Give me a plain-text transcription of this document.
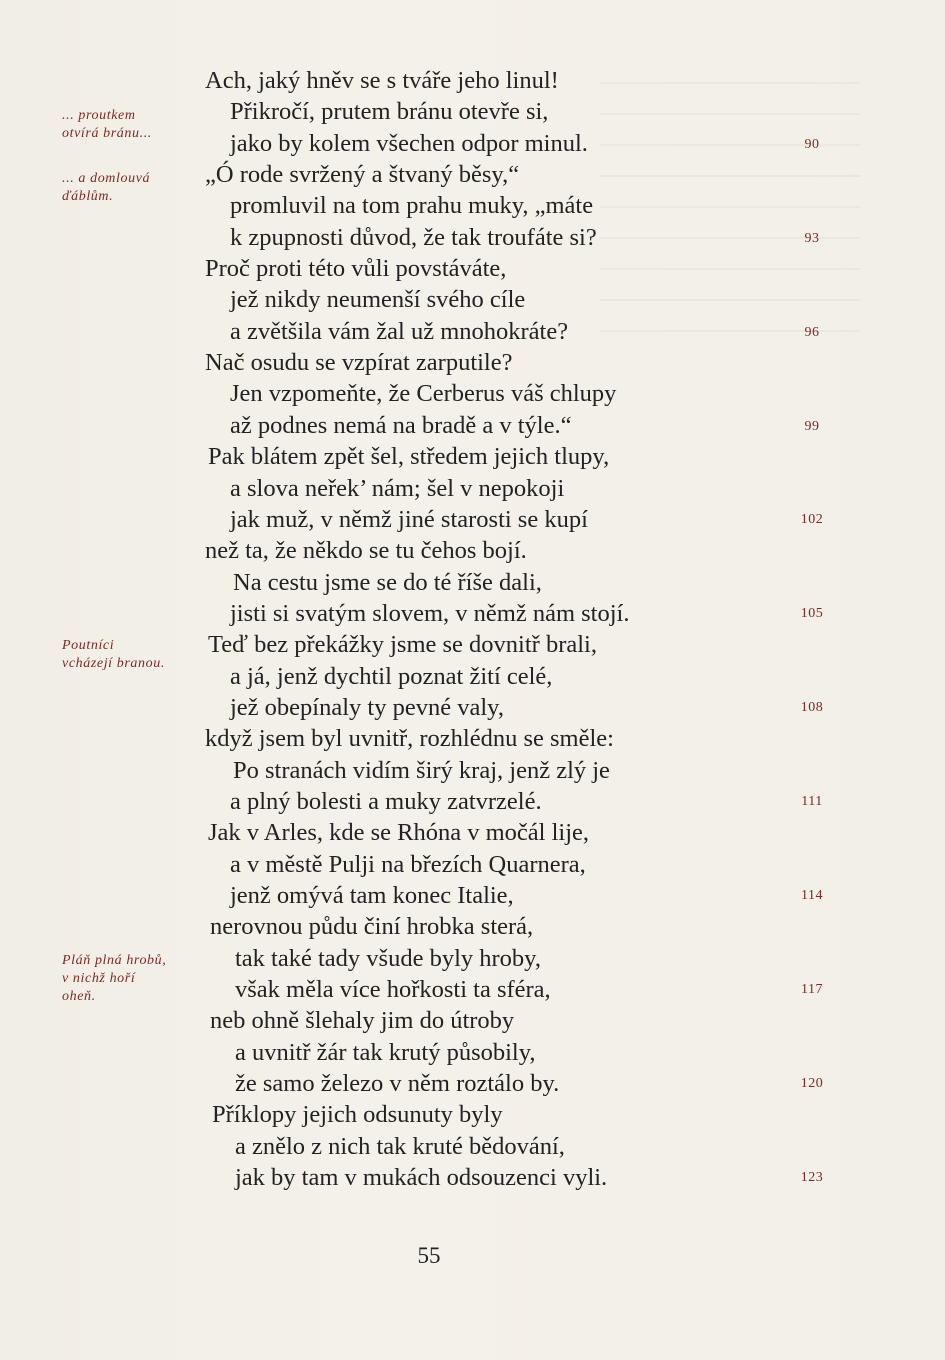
... proutkem
otvírá bránu...
... a domlouvá
ďáblům.
Poutníci
vcházejí branou.
Pláň plná hrobů,
v nichž hoří
oheň.
Ach, jaký hněv se s tváře jeho linul!
Přikročí, prutem bránu otevře si,
jako by kolem všechen odpor minul.
„Ó rode svržený a štvaný běsy,“
promluvil na tom prahu muky, „máte
k zpupnosti důvod, že tak troufáte si?
Proč proti této vůli povstáváte,
jež nikdy neumenší svého cíle
a zvětšila vám žal už mnohokráte?
Nač osudu se vzpírat zarputile?
Jen vzpomeňte, že Cerberus váš chlupy
až podnes nemá na bradě a v týle.“
Pak blátem zpět šel, středem jejich tlupy,
a slova neřek’ nám; šel v nepokoji
jak muž, v němž jiné starosti se kupí
než ta, že někdo se tu čehos bojí.
Na cestu jsme se do té říše dali,
jisti si svatým slovem, v němž nám stojí.
Teď bez překážky jsme se dovnitř brali,
a já, jenž dychtil poznat žití celé,
jež obepínaly ty pevné valy,
když jsem byl uvnitř, rozhlédnu se směle:
Po stranách vidím širý kraj, jenž zlý je
a plný bolesti a muky zatvrzelé.
Jak v Arles, kde se Rhóna v močál lije,
a v městě Pulji na březích Quarnera,
jenž omývá tam konec Italie,
nerovnou půdu činí hrobka sterá,
tak také tady všude byly hroby,
však měla více hořkosti ta sféra,
neb ohně šlehaly jim do útroby
a uvnitř žár tak krutý působily,
že samo železo v něm roztálo by.
Příklopy jejich odsunuty byly
a znělo z nich tak kruté bědování,
jak by tam v mukách odsouzenci vyli.
90
93
96
99
102
105
108
111
114
117
120
123
55
